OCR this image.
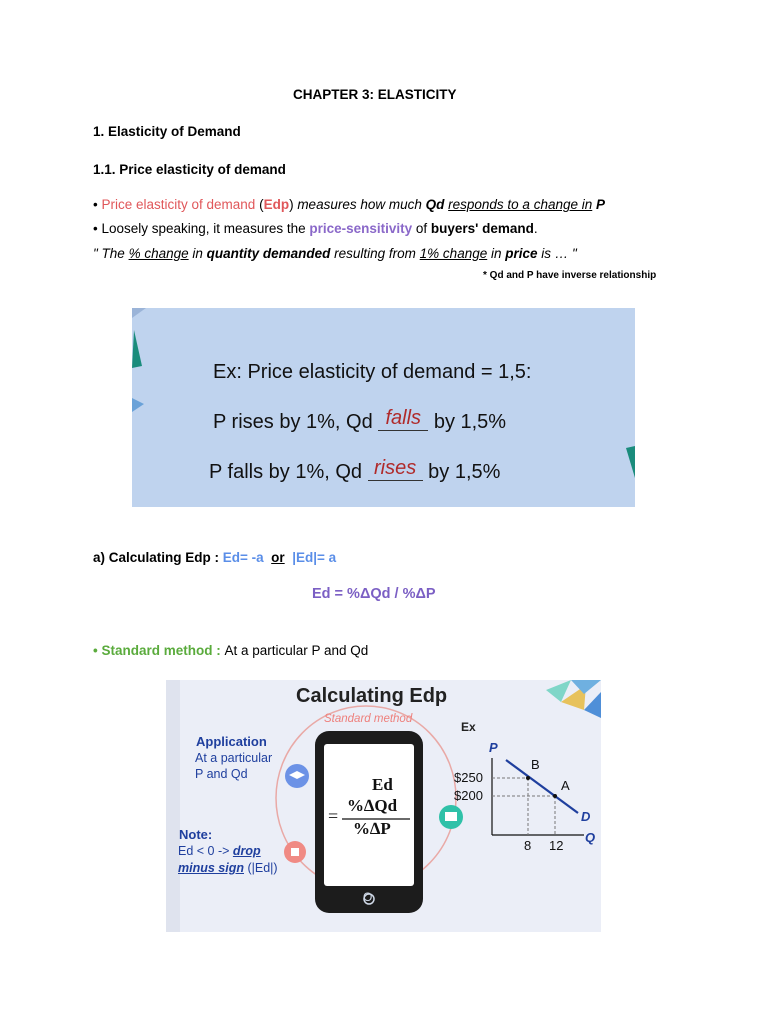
CHAPTER 3: ELASTICITY
1. Elasticity of Demand
1.1. Price elasticity of demand
• Price elasticity of demand (Edp) measures how much Qd responds to a change in P
• Loosely speaking, it measures the price-sensitivity of buyers' demand.
" The % change in quantity demanded resulting from 1% change in price is … "
* Qd and P have inverse relationship
Ex: Price elasticity of demand = 1,5:
P rises by 1%, Qd falls by 1,5%
P falls by 1%, Qd rises by 1,5%
a) Calculating Edp : Ed= -a or |Ed|= a
Ed = %ΔQd / %ΔP
• Standard method : At a particular P and Qd
Calculating Edp
Standard method
Ex
Application
At a particular
P and Qd
Note:
Ed < 0 -> drop
minus sign (|Ed|)
Ed
=
%∆Qd
%∆P
O
P
Q
$250
$200
8 12
B
A
D
